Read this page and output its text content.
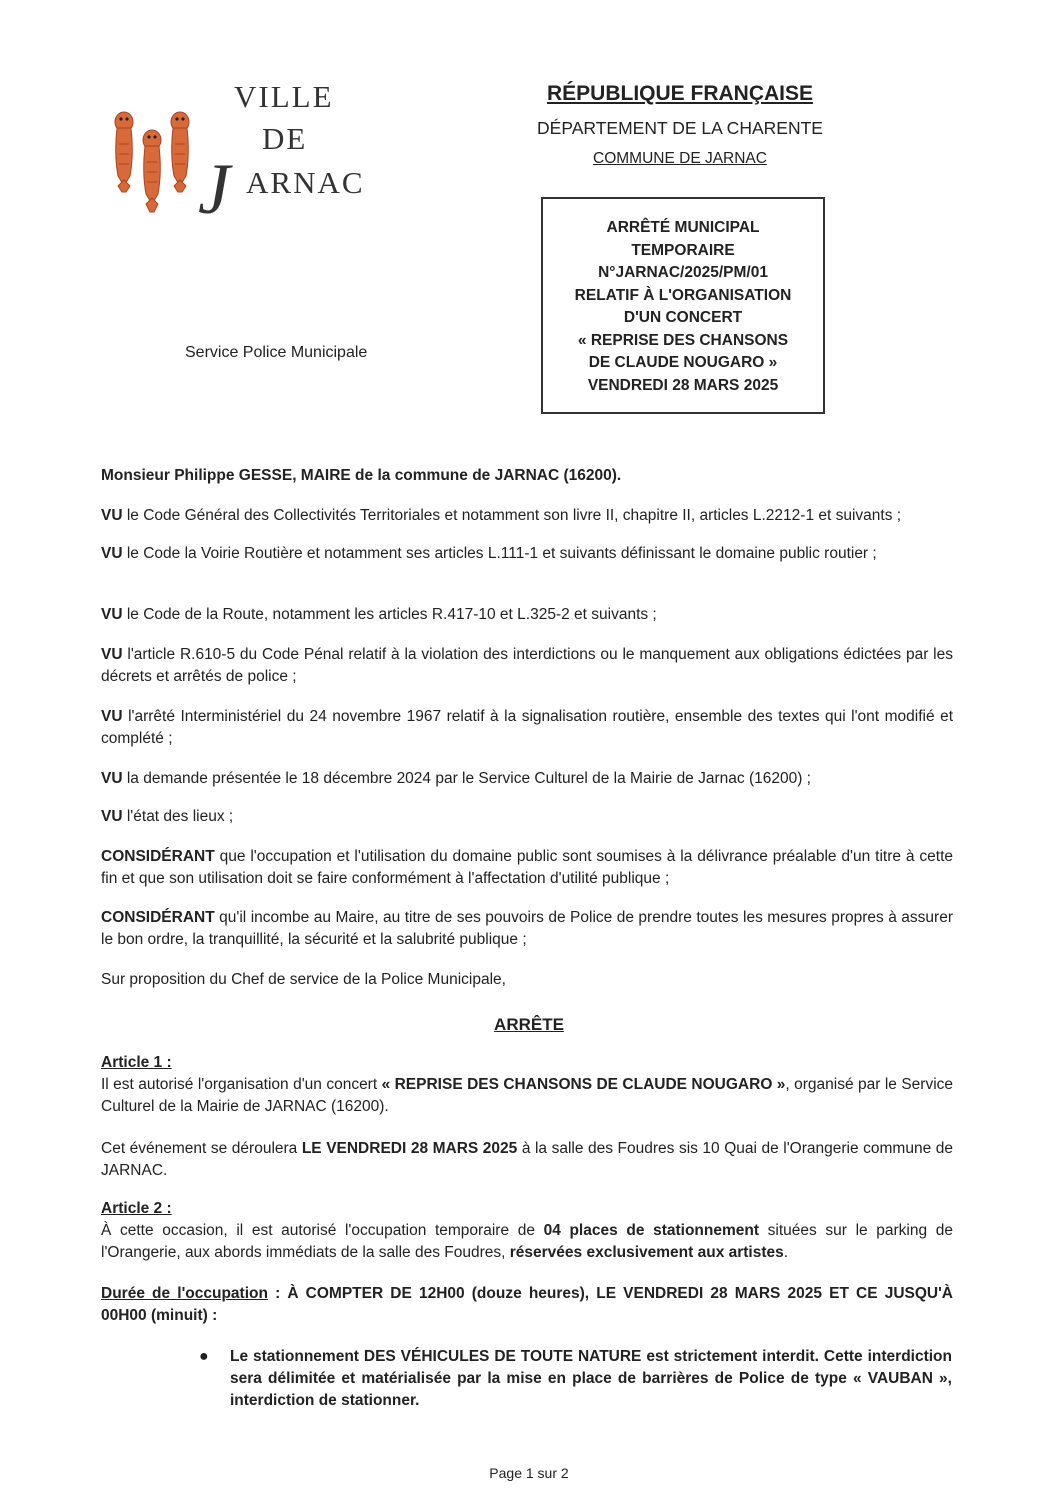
VILLE
DE
J ARNAC
RÉPUBLIQUE FRANÇAISE
DÉPARTEMENT DE LA CHARENTE
COMMUNE DE JARNAC
ARRÊTÉ MUNICIPAL
TEMPORAIRE
N°JARNAC/2025/PM/01
RELATIF À L'ORGANISATION
D'UN CONCERT
« REPRISE DES CHANSONS
DE CLAUDE NOUGARO »
VENDREDI 28 MARS 2025
Service Police Municipale
Monsieur Philippe GESSE, MAIRE de la commune de JARNAC (16200).
VU le Code Général des Collectivités Territoriales et notamment son livre II, chapitre II, articles L.2212-1 et suivants ;
VU le Code la Voirie Routière et notamment ses articles L.111-1 et suivants définissant le domaine public routier ;
VU le Code de la Route, notamment les articles R.417-10 et L.325-2 et suivants ;
VU l'article R.610-5 du Code Pénal relatif à la violation des interdictions ou le manquement aux obligations édictées par les décrets et arrêtés de police ;
VU l'arrêté Interministériel du 24 novembre 1967 relatif à la signalisation routière, ensemble des textes qui l'ont modifié et complété ;
VU la demande présentée le 18 décembre 2024 par le Service Culturel de la Mairie de Jarnac (16200) ;
VU l'état des lieux ;
CONSIDÉRANT que l'occupation et l'utilisation du domaine public sont soumises à la délivrance préalable d'un titre à cette fin et que son utilisation doit se faire conformément à l'affectation d'utilité publique ;
CONSIDÉRANT qu'il incombe au Maire, au titre de ses pouvoirs de Police de prendre toutes les mesures propres à assurer le bon ordre, la tranquillité, la sécurité et la salubrité publique ;
Sur proposition du Chef de service de la Police Municipale,
ARRÊTE
Article 1 :
Il est autorisé l'organisation d'un concert « REPRISE DES CHANSONS DE CLAUDE NOUGARO », organisé par le Service Culturel de la Mairie de JARNAC (16200).
Cet événement se déroulera LE VENDREDI 28 MARS 2025 à la salle des Foudres sis 10 Quai de l'Orangerie commune de JARNAC.
Article 2 :
À cette occasion, il est autorisé l'occupation temporaire de 04 places de stationnement situées sur le parking de l'Orangerie, aux abords immédiats de la salle des Foudres, réservées exclusivement aux artistes.
Durée de l'occupation : À COMPTER DE 12H00 (douze heures), LE VENDREDI 28 MARS 2025 ET CE JUSQU'À 00H00 (minuit) :
● Le stationnement DES VÉHICULES DE TOUTE NATURE est strictement interdit. Cette interdiction sera délimitée et matérialisée par la mise en place de barrières de Police de type « VAUBAN », interdiction de stationner.
Page 1 sur 2
